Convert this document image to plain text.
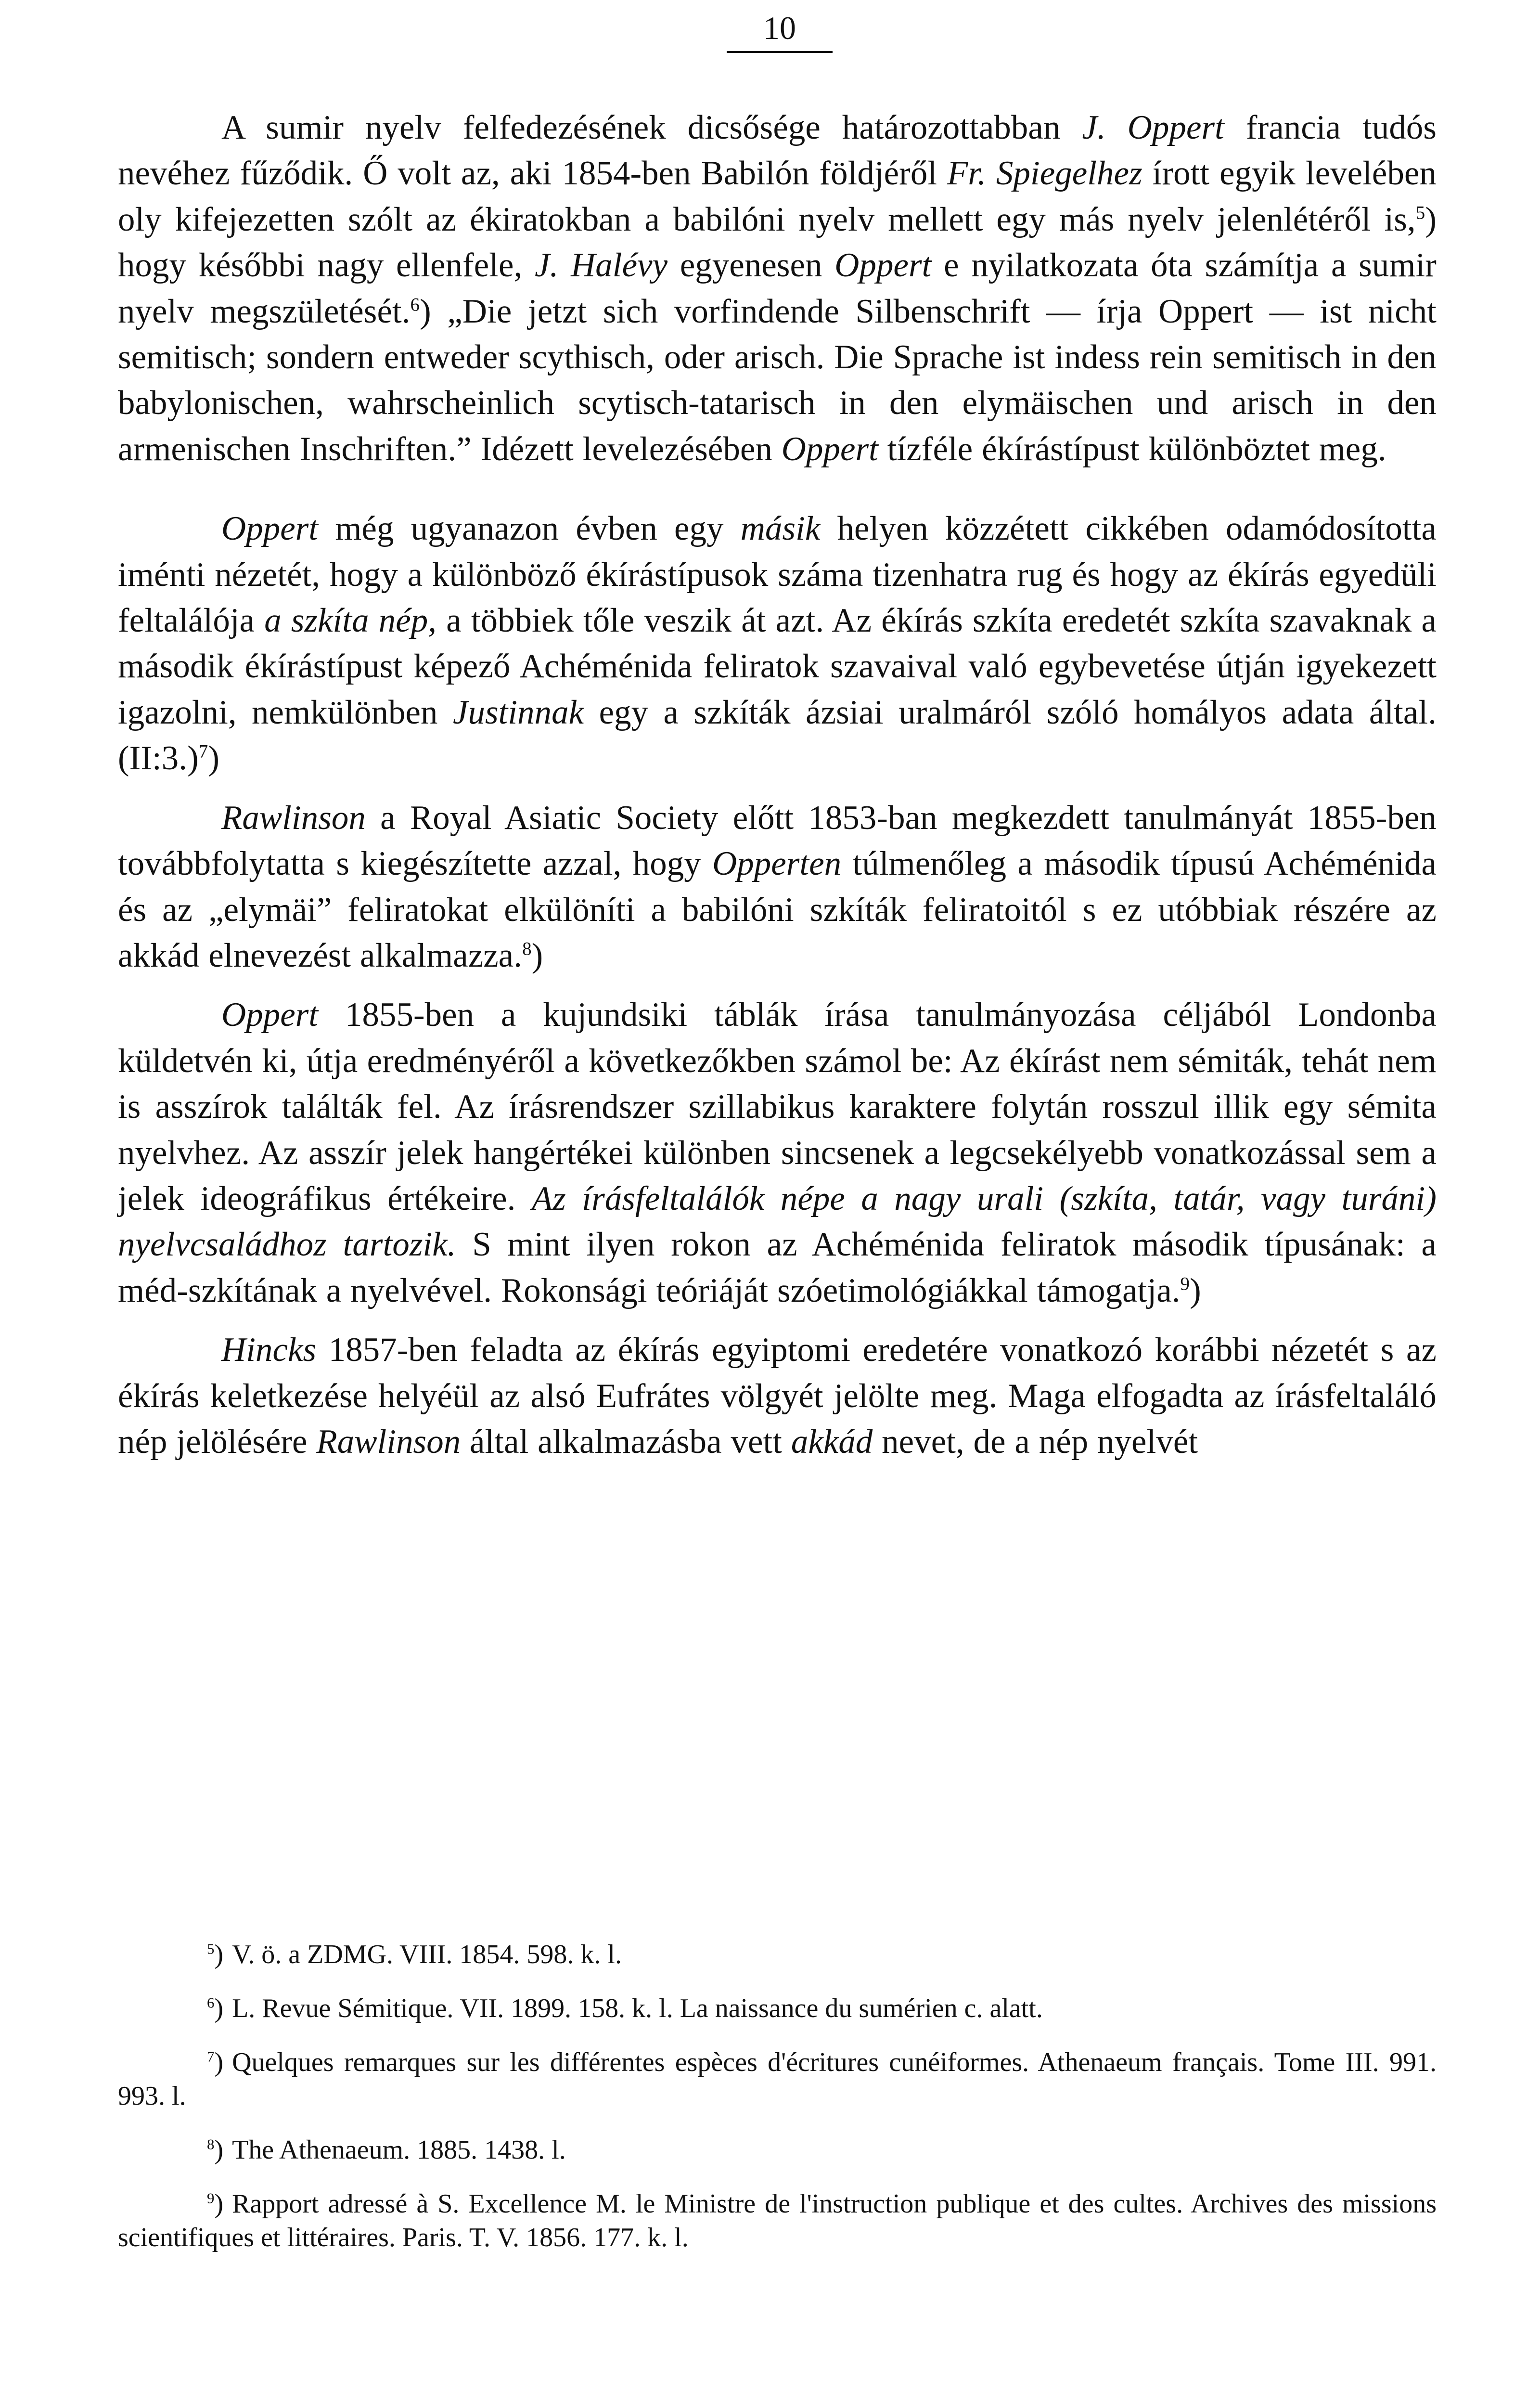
10

A sumir nyelv felfedezésének dicsősége határozottabban J. Oppert francia tudós nevéhez fűződik. Ő volt az, aki 1854-ben Babilón földjéről Fr. Spiegelhez írott egyik levelében oly kifejezetten szólt az ékiratokban a babilóni nyelv mellett egy más nyelv jelenlétéről is,$^5$) hogy későbbi nagy ellenfele, J. Halévy egyenesen Oppert e nyilatkozata óta számítja a sumir nyelv megszületését.$^6$) „Die jetzt sich vorfindende Silbenschrift — írja Oppert — ist nicht semitisch; sondern entweder scythisch, oder arisch. Die Sprache ist indess rein semitisch in den babylonischen, wahrscheinlich scytisch-tatarisch in den elymäischen und arisch in den armenischen Inschriften.” Idézett levelezésében Oppert tízféle ékírástípust különböztet meg.

Oppert még ugyanazon évben egy másik helyen közzétett cikkében odamódosította iménti nézetét, hogy a különböző ékírástípusok száma tizenhatra rug és hogy az ékírás egyedüli feltalálója a szkíta nép, a többiek tőle veszik át azt. Az ékírás szkíta eredetét szkíta szavaknak a második ékírástípust képező Achéménida feliratok szavaival való egybevetése útján igyekezett igazolni, nemkülönben Justinnak egy a szkíták ázsiai uralmáról szóló homályos adata által.(II:3.)$^7$)

Rawlinson a Royal Asiatic Society előtt 1853-ban megkezdett tanulmányát 1855-ben továbbfolytatta s kiegészítette azzal, hogy Opperten túlmenőleg a második típusú Achéménida és az „elymäi” feliratokat elkülöníti a babilóni szkíták feliratoitól s ez utóbbiak részére az akkád elnevezést alkalmazza.$^8$)

Oppert 1855-ben a kujundsiki táblák írása tanulmányozása céljából Londonba küldetvén ki, útja eredményéről a következőkben számol be: Az ékírást nem sémiták, tehát nem is asszírok találták fel. Az írásrendszer szillabikus karaktere folytán rosszul illik egy sémita nyelvhez. Az asszír jelek hangértékei különben sincsenek a legcsekélyebb vonatkozással sem a jelek ideográfikus értékeire. Az írásfeltalálók népe a nagy urali (szkíta, tatár, vagy turáni) nyelvcsaládhoz tartozik. S mint ilyen rokon az Achéménida feliratok második típusának: a méd-szkítának a nyelvével. Rokonsági teóriáját szóetimológiákkal támogatja.$^9$)

Hincks 1857-ben feladta az ékírás egyiptomi eredetére vonatkozó korábbi nézetét s az ékírás keletkezése helyéül az alsó Eufrátes völgyét jelölte meg. Maga elfogadta az írásfeltaláló nép jelölésére Rawlinson által alkalmazásba vett akkád nevet, de a nép nyelvét

$^5$) V. ö. a ZDMG. VIII. 1854. 598. k. l.

$^6$) L. Revue Sémitique. VII. 1899. 158. k. l. La naissance du sumérien c. alatt.

$^7$) Quelques remarques sur les différentes espèces d'écritures cunéiformes. Athenaeum français. Tome III. 991. 993. l.

$^8$) The Athenaeum. 1885. 1438. l.

$^9$) Rapport adressé à S. Excellence M. le Ministre de l'instruction publique et des cultes. Archives des missions scientifiques et littéraires. Paris. T. V. 1856. 177. k. l.
